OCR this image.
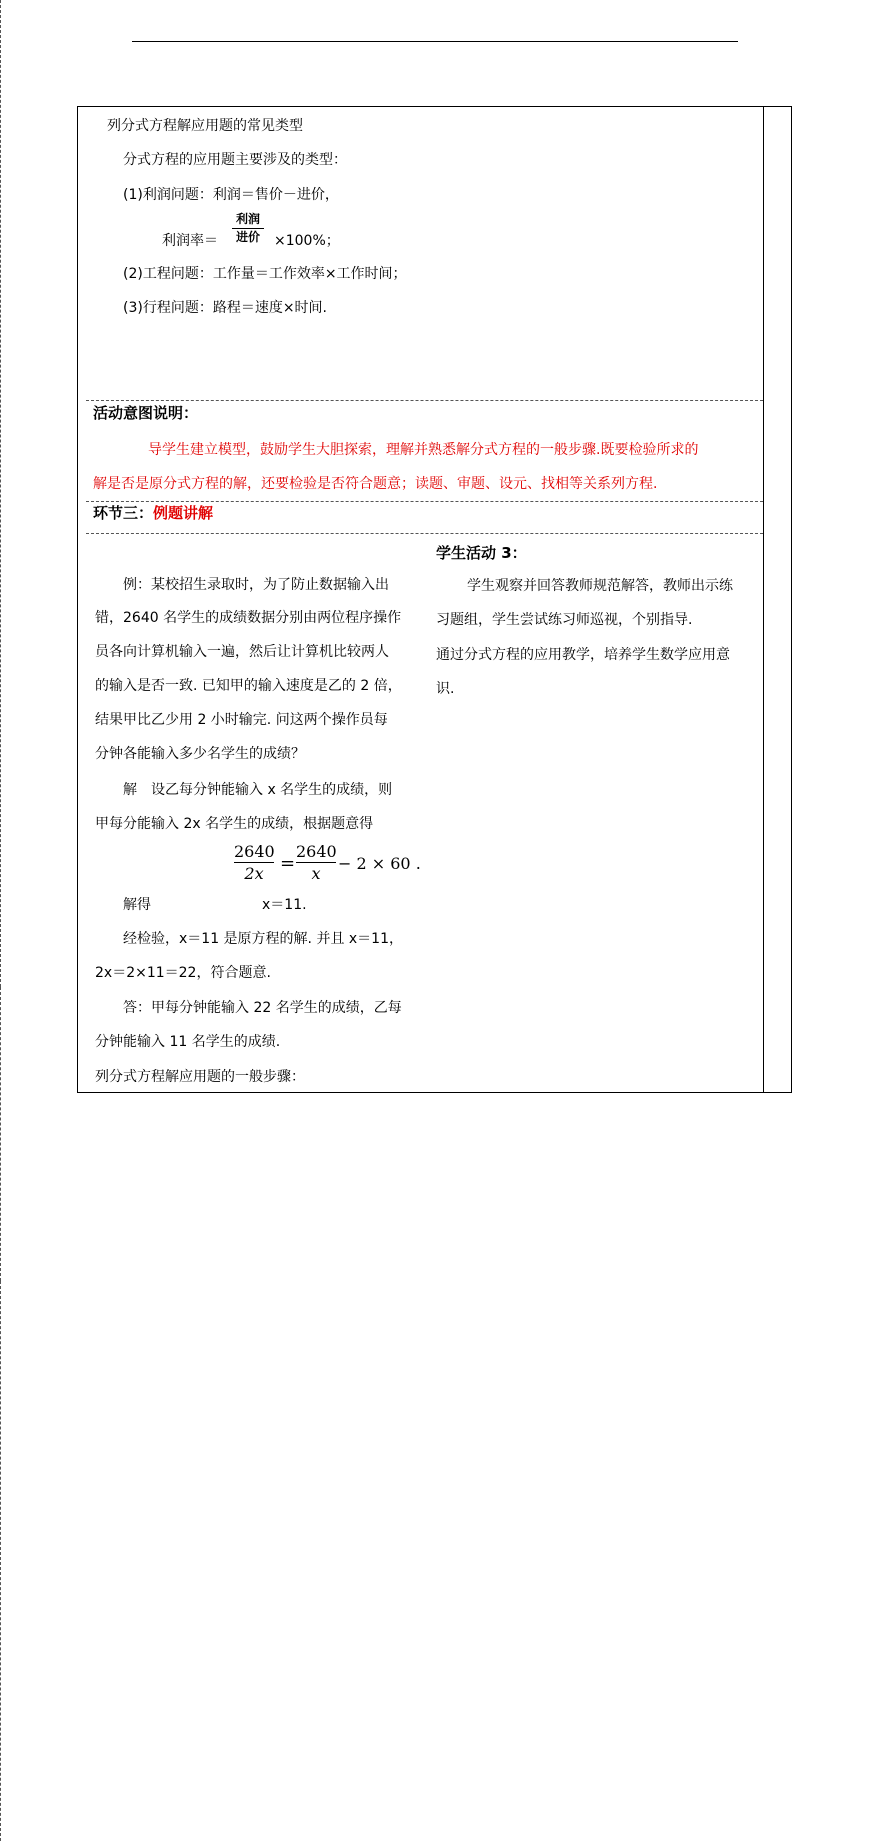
列分式方程解应用题的常见类型
分式方程的应用题主要涉及的类型：
(1)利润问题：利润＝售价－进价，
利润率＝
利润
进价 ×100%；
(2)工程问题：工作量＝工作效率×工作时间；
(3)行程问题：路程＝速度×时间.
活动意图说明：
导学生建立模型，鼓励学生大胆探索，理解并熟悉解分式方程的一般步骤.既要检验所求的
解是否是原分式方程的解，还要检验是否符合题意；读题、审题、设元、找相等关系列方程.
环节三：例题讲解
例：某校招生录取时，为了防止数据输入出
错，2640 名学生的成绩数据分别由两位程序操作
员各向计算机输入一遍，然后让计算机比较两人
的输入是否一致. 已知甲的输入速度是乙的 2 倍，
结果甲比乙少用 2 小时输完. 问这两个操作员每
分钟各能输入多少名学生的成绩？
解　设乙每分钟能输入 x 名学生的成绩，则
甲每分能输入 2x 名学生的成绩，根据题意得
2640
2x =
2640
x
− 2 × 60 .
解得	x＝11.
经检验，x＝11 是原方程的解. 并且 x＝11，
2x＝2×11＝22，符合题意.
答：甲每分钟能输入 22 名学生的成绩，乙每
分钟能输入 11 名学生的成绩.
列分式方程解应用题的一般步骤：
学生活动 3：
学生观察并回答教师规范解答，教师出示练
习题组，学生尝试练习师巡视，个别指导.
通过分式方程的应用教学，培养学生数学应用意
识.
